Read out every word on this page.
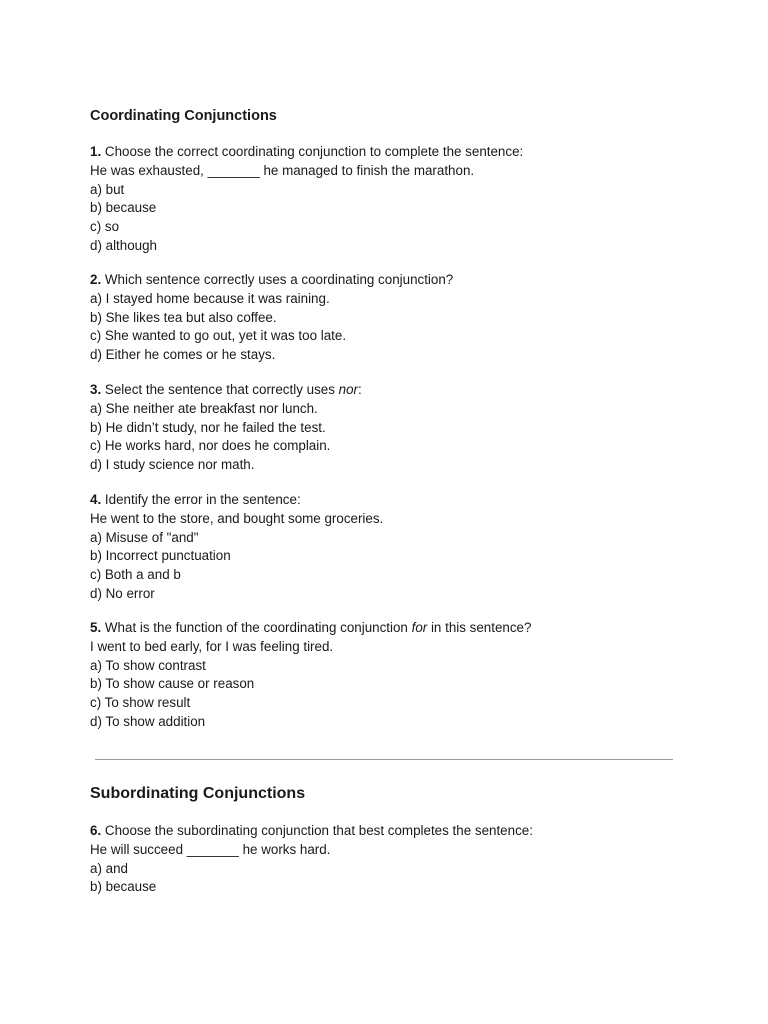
Coordinating Conjunctions
1. Choose the correct coordinating conjunction to complete the sentence:
He was exhausted, _______ he managed to finish the marathon.
a) but
b) because
c) so
d) although
2. Which sentence correctly uses a coordinating conjunction?
a) I stayed home because it was raining.
b) She likes tea but also coffee.
c) She wanted to go out, yet it was too late.
d) Either he comes or he stays.
3. Select the sentence that correctly uses nor:
a) She neither ate breakfast nor lunch.
b) He didn’t study, nor he failed the test.
c) He works hard, nor does he complain.
d) I study science nor math.
4. Identify the error in the sentence:
He went to the store, and bought some groceries.
a) Misuse of "and"
b) Incorrect punctuation
c) Both a and b
d) No error
5. What is the function of the coordinating conjunction for in this sentence?
I went to bed early, for I was feeling tired.
a) To show contrast
b) To show cause or reason
c) To show result
d) To show addition
Subordinating Conjunctions
6. Choose the subordinating conjunction that best completes the sentence:
He will succeed _______ he works hard.
a) and
b) because
